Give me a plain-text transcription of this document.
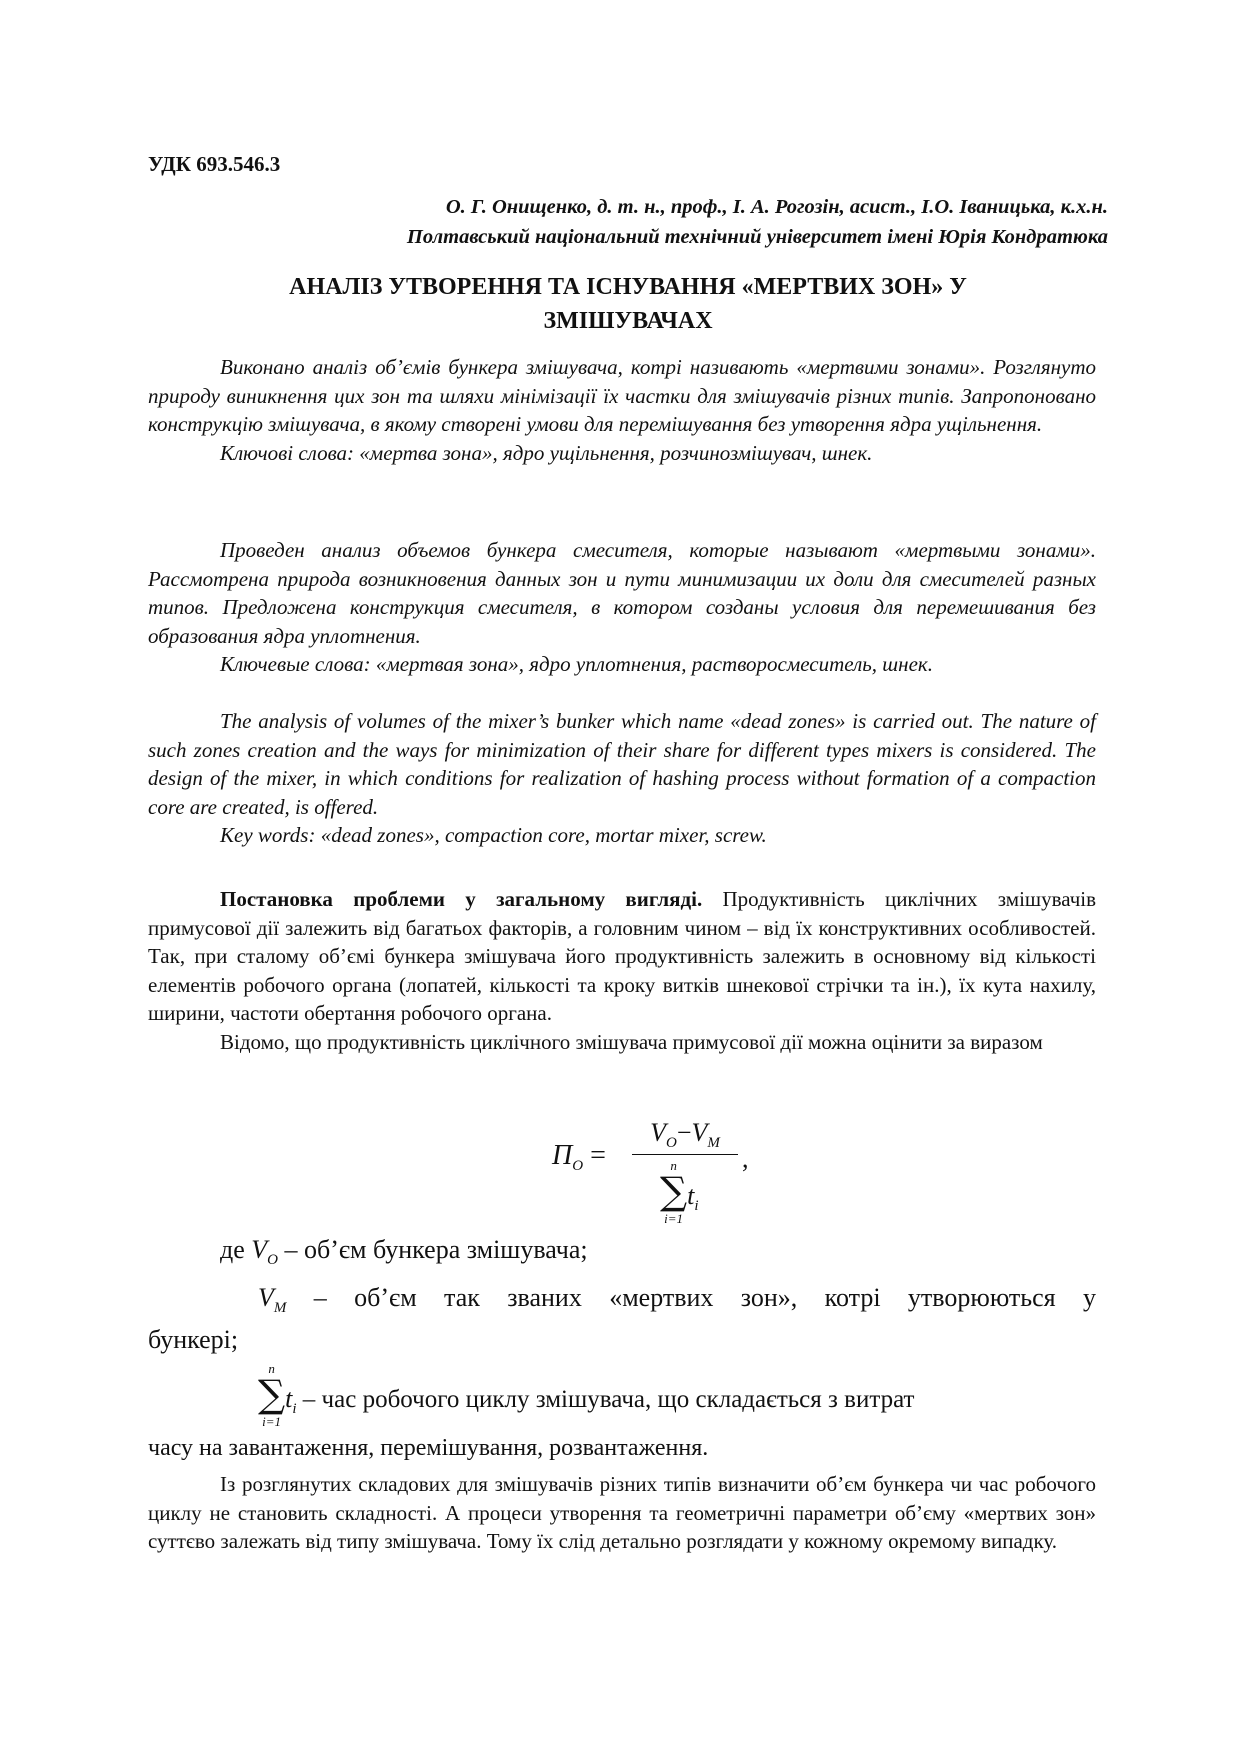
УДК 693.546.3
О. Г. Онищенко, д. т. н., проф., І. А. Рогозін, асист., І.О. Іваницька, к.х.н.
Полтавський національний технічний університет імені Юрія Кондратюка
АНАЛІЗ УТВОРЕННЯ ТА ІСНУВАННЯ «МЕРТВИХ ЗОН» У
ЗМІШУВАЧАХ

Виконано аналіз об’ємів бункера змішувача, котрі називають «мертвими зонами». Розглянуто природу виникнення цих зон та шляхи мінімізації їх частки для змішувачів різних типів. Запропоновано конструкцію змішувача, в якому створені умови для перемішування без утворення ядра ущільнення.

Ключові слова: «мертва зона», ядро ущільнення, розчинозмішувач, шнек.

Проведен анализ объемов бункера смесителя, которые называют «мертвыми зонами». Рассмотрена природа возникновения данных зон и пути минимизации их доли для смесителей разных типов. Предложена конструкция смесителя, в котором созданы условия для перемешивания без образования ядра уплотнения.

Ключевые слова: «мертвая зона», ядро уплотнения, растворосмеситель, шнек.

The analysis of volumes of the mixer’s bunker which name «dead zones» is carried out. The nature of such zones creation and the ways for minimization of their share for different types mixers is considered. The design of the mixer, in which conditions for realization of hashing process without formation of a compaction core are created, is offered.

Key words: «dead zones», compaction core, mortar mixer, screw.

Постановка проблеми у загальному вигляді. Продуктивність циклічних змішувачів примусової дії залежить від багатьох факторів, а головним чином – від їх конструктивних особливостей. Так, при сталому об’ємі бункера змішувача його продуктивність залежить в основному від кількості елементів робочого органа (лопатей, кількості та кроку витків шнекової стрічки та ін.), їх кута нахилу, ширини, частоти обертання робочого органа.

Відомо, що продуктивність циклічного змішувача примусової дії можна оцінити за виразом

$П_O$ =
$V_O-V_M$
,
n
∑
i=1
$t_i$
де $V_O$ – об’єм бункера змішувача;
$V_M$ – об’єм так званих «мертвих зон», котрі утворюються у
бункері;
n
∑
i=1
$t_i$ – час робочого циклу змішувача, що складається з витрат
часу на завантаження, перемішування, розвантаження.

Із розглянутих складових для змішувачів різних типів визначити об’єм бункера чи час робочого циклу не становить складності. А процеси утворення та геометричні параметри об’єму «мертвих зон» суттєво залежать від типу змішувача. Тому їх слід детально розглядати у кожному окремому випадку.
